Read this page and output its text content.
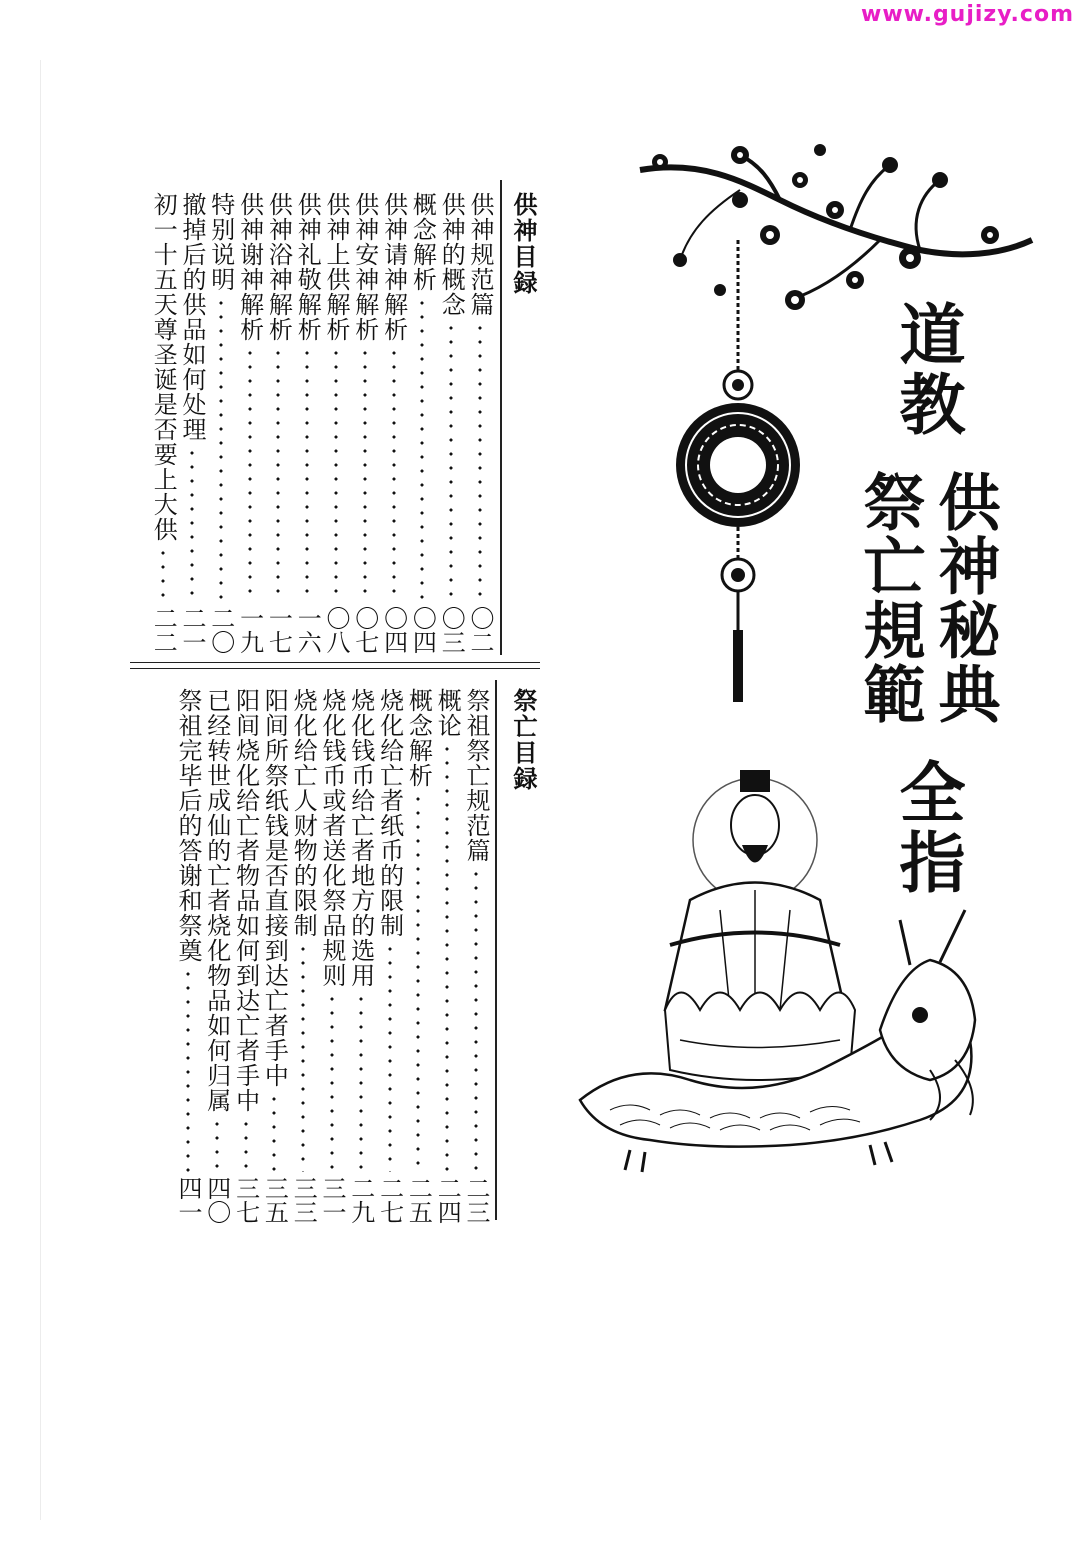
www.gujizy.com
供神目録
供神规范篇
〇二
供神的概念
〇三
概念解析
〇四
供神请神解析
〇四
供神安神解析
〇七
供神上供解析
〇八
供神礼敬解析
一六
供神浴神解析
一七
供神谢神解析
一九
特别说明
二〇
撤掉后的供品如何处理
二一
初一十五天尊圣诞是否要上大供
二二
祭亡目録
祭祖祭亡规范篇
二三
概论
二四
概念解析
二五
烧化给亡者纸币的限制
二七
烧化钱币给亡者地方的选用
二九
烧化钱币或者送化祭品规则
三一
烧化给亡人财物的限制
三三
阳间所祭纸钱是否直接到达亡者手中
三五
阳间烧化给亡者物品如何到达亡者手中
三七
已经转世成仙的亡者烧化物品如何归属
四〇
祭祖完毕后的答谢和祭奠
四一
道教
供神秘典
祭亡規範
全指
